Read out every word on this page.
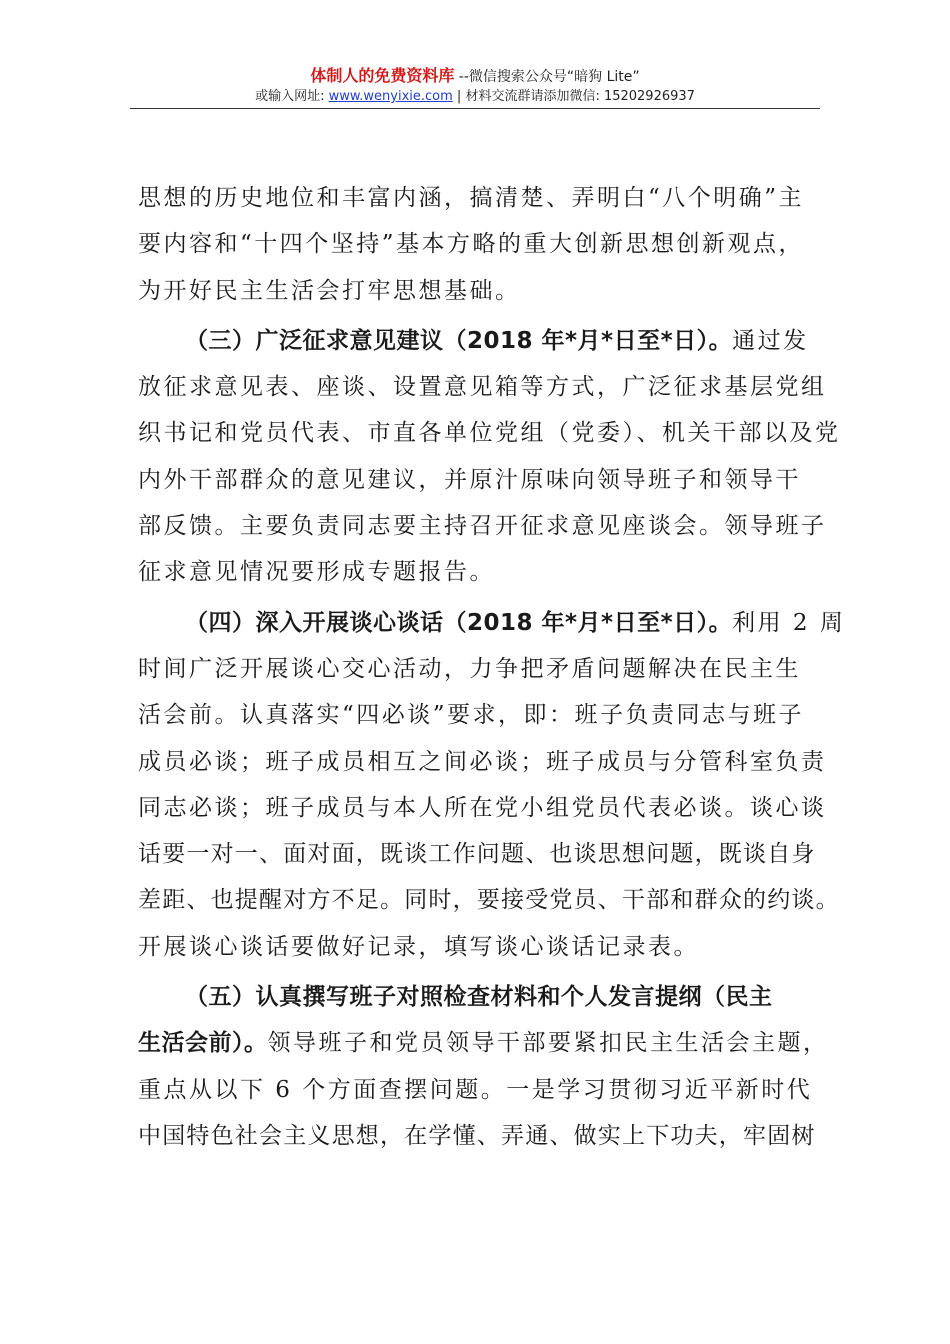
体制人的免费资料库 --微信搜索公众号“暗狗 Lite”
或输入网址: www.wenyixie.com | 材料交流群请添加微信: 15202926937
思想的历史地位和丰富内涵，搞清楚、弄明白“八个明确”主
要内容和“十四个坚持”基本方略的重大创新思想创新观点，
为开好民主生活会打牢思想基础。
（三）广泛征求意见建议（2018 年*月*日至*日）。通过发
放征求意见表、座谈、设置意见箱等方式，广泛征求基层党组
织书记和党员代表、市直各单位党组（党委）、机关干部以及党
内外干部群众的意见建议，并原汁原味向领导班子和领导干
部反馈。主要负责同志要主持召开征求意见座谈会。领导班子
征求意见情况要形成专题报告。
（四）深入开展谈心谈话（2018 年*月*日至*日）。利用 2 周
时间广泛开展谈心交心活动，力争把矛盾问题解决在民主生
活会前。认真落实“四必谈”要求，即：班子负责同志与班子
成员必谈；班子成员相互之间必谈；班子成员与分管科室负责
同志必谈；班子成员与本人所在党小组党员代表必谈。谈心谈
话要一对一、面对面，既谈工作问题、也谈思想问题，既谈自身
差距、也提醒对方不足。同时，要接受党员、干部和群众的约谈。
开展谈心谈话要做好记录，填写谈心谈话记录表。
（五）认真撰写班子对照检查材料和个人发言提纲（民主
生活会前）。领导班子和党员领导干部要紧扣民主生活会主题，
重点从以下 6 个方面查摆问题。一是学习贯彻习近平新时代
中国特色社会主义思想，在学懂、弄通、做实上下功夫，牢固树
